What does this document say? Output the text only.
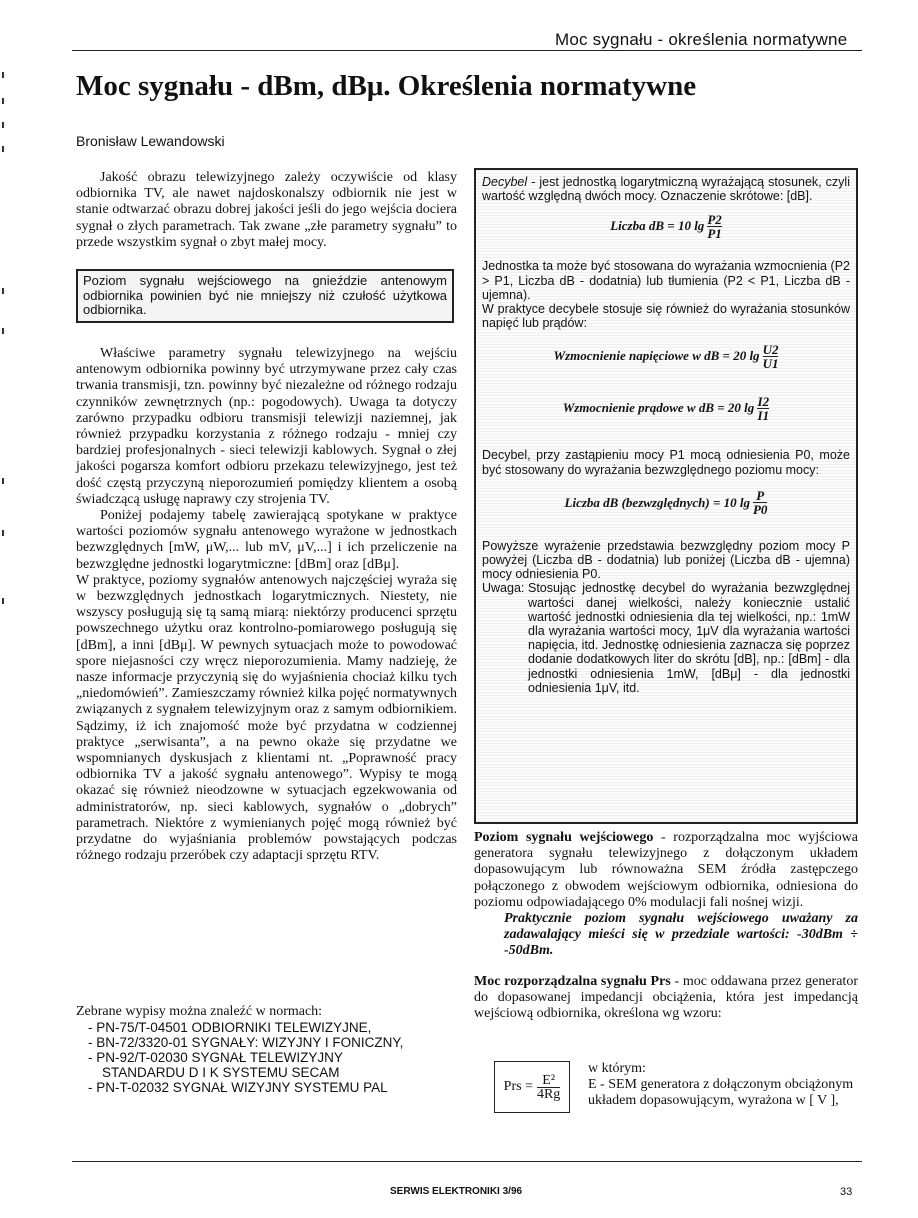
Moc sygnału - określenia normatywne
Moc sygnału - dBm, dBμ. Określenia normatywne
Bronisław Lewandowski
Jakość obrazu telewizyjnego zależy oczywiście od klasy odbiornika TV, ale nawet najdoskonalszy odbiornik nie jest w stanie odtwarzać obrazu dobrej jakości jeśli do jego wejścia dociera sygnał o złych parametrach. Tak zwane „złe parametry sygnału” to przede wszystkim sygnał o zbyt małej mocy.
Poziom sygnału wejściowego na gnieździe antenowym odbiornika powinien być nie mniejszy niż czułość użytkowa odbiornika.

Właściwe parametry sygnału telewizyjnego na wejściu antenowym odbiornika powinny być utrzymywane przez cały czas trwania transmisji, tzn. powinny być niezależne od różnego rodzaju czynników zewnętrznych (np.: pogodowych). Uwaga ta dotyczy zarówno przypadku odbioru transmisji telewizji naziemnej, jak również przypadku korzystania z różnego rodzaju - mniej czy bardziej profesjonalnych - sieci telewizji kablowych. Sygnał o złej jakości pogarsza komfort odbioru przekazu telewizyjnego, jest też dość częstą przyczyną nieporozumień pomiędzy klientem a osobą świadczącą usługę naprawy czy strojenia TV.

Poniżej podajemy tabelę zawierającą spotykane w praktyce wartości poziomów sygnału antenowego wyrażone w jednostkach bezwzględnych [mW, μW,... lub mV, μV,...] i ich przeliczenie na bezwzględne jednostki logarytmiczne: [dBm] oraz [dBμ].

W praktyce, poziomy sygnałów antenowych najczęściej wyraża się w bezwzględnych jednostkach logarytmicznych. Niestety, nie wszyscy posługują się tą samą miarą: niektórzy producenci sprzętu powszechnego użytku oraz kontrolno-pomiarowego posługują się [dBm], a inni [dBμ]. W pewnych sytuacjach może to powodować spore niejasności czy wręcz nieporozumienia. Mamy nadzieję, że nasze informacje przyczynią się do wyjaśnienia chociaż kilku tych „niedomówień”. Zamieszczamy również kilka pojęć normatywnych związanych z sygnałem telewizyjnym oraz z samym odbiornikiem. Sądzimy, iż ich znajomość może być przydatna w codziennej praktyce „serwisanta”, a na pewno okaże się przydatne we wspomnianych dyskusjach z klientami nt. „Poprawność pracy odbiornika TV a jakość sygnału antenowego”. Wypisy te mogą okazać się również nieodzowne w sytuacjach egzekwowania od administratorów, np. sieci kablowych, sygnałów o „dobrych” parametrach. Niektóre z wymienianych pojęć mogą również być przydatne do wyjaśniania problemów powstających podczas różnego rodzaju przeróbek czy adaptacji sprzętu RTV.

Zebrane wypisy można znaleźć w normach:
- PN-75/T-04501 ODBIORNIKI TELEWIZYJNE,
- BN-72/3320-01 SYGNAŁY: WIZYJNY I FONICZNY,
- PN-92/T-02030 SYGNAŁ TELEWIZYJNY
STANDARDU D I K SYSTEMU SECAM
- PN-T-02032 SYGNAŁ WIZYJNY SYSTEMU PAL

Decybel - jest jednostką logarytmiczną wyrażającą stosunek, czyli wartość względną dwóch mocy. Oznaczenie skrótowe: [dB].

Liczba dB
= 10 $\lg \frac{P2}{P1}$

Jednostka ta może być stosowana do wyrażania wzmocnienia (P2 > P1, Liczba dB - dodatnia) lub tłumienia (P2 < P1, Liczba dB - ujemna).

W praktyce decybele stosuje się również do wyrażania stosunków napięć lub prądów:

Wzmocnienie napięciowe w dB
= 20 $\lg \frac{U2}{U1}$
Wzmocnienie prądowe w dB
= 20 $\lg \frac{I2}{I1}$

Decybel, przy zastąpieniu mocy P1 mocą odniesienia P0, może być stosowany do wyrażania bezwzględnego poziomu mocy:

Liczba dB (bezwzględnych)
= 10 $\lg \frac{P}{P0}$

Powyższe wyrażenie przedstawia bezwzględny poziom mocy P powyżej (Liczba dB - dodatnia) lub poniżej (Liczba dB - ujemna) mocy odniesienia P0.

Uwaga: Stosując jednostkę decybel do wyrażania bezwzględnej wartości danej wielkości, należy koniecznie ustalić wartość jednostki odniesienia dla tej wielkości, np.: 1mW dla wyrażania wartości mocy, 1μV dla wyrażania wartości napięcia, itd. Jednostkę odniesienia zaznacza się poprzez dodanie dodatkowych liter do skrótu [dB], np.: [dBm] - dla jednostki odniesienia 1mW, [dBμ] - dla jednostki odniesienia 1μV, itd.

Poziom sygnału wejściowego - rozporządzalna moc wyjściowa generatora sygnału telewizyjnego z dołączonym układem dopasowującym lub równoważna SEM źródła zastępczego połączonego z obwodem wejściowym odbiornika, odniesiona do poziomu odpowiadającego 0% modulacji fali nośnej wizji.

Praktycznie poziom sygnału wejściowego uważany za zadawalający mieści się w przedziale wartości: -30dBm ÷ -50dBm.

Moc rozporządzalna sygnału Prs - moc oddawana przez generator do dopasowanej impedancji obciążenia, która jest impedancją wejściową odbiornika, określona wg wzoru:

Prs = $\frac{\text{E²}}{4Rg}$
w którym:
E - SEM generatora z dołączonym obciążonym układem dopasowującym, wyrażona w [ V ],
SERWIS ELEKTRONIKI 3/96	33
